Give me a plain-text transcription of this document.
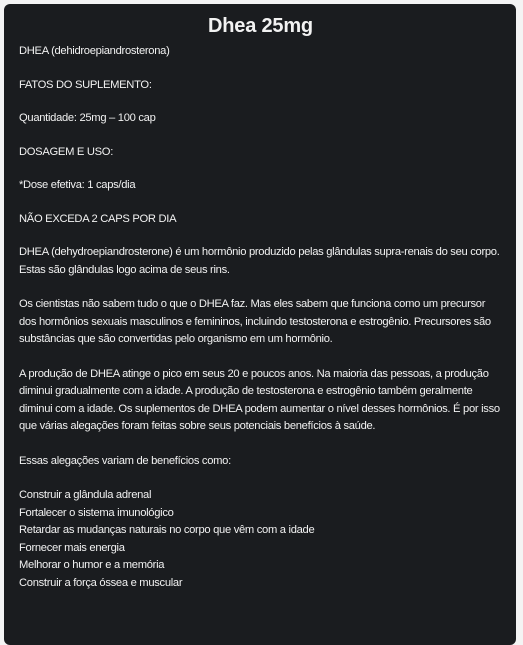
Dhea 25mg

DHEA (dehidroepiandrosterona)

FATOS DO SUPLEMENTO:

Quantidade: 25mg – 100 cap

DOSAGEM E USO:

*Dose efetiva: 1 caps/dia

NÃO EXCEDA 2 CAPS POR DIA

DHEA (dehydroepiandrosterone) é um hormônio produzido pelas glândulas supra-renais do seu corpo. Estas são glândulas logo acima de seus rins.

Os cientistas não sabem tudo o que o DHEA faz. Mas eles sabem que funciona como um precursor dos hormônios sexuais masculinos e femininos, incluindo testosterona e estrogênio. Precursores são substâncias que são convertidas pelo organismo em um hormônio.

A produção de DHEA atinge o pico em seus 20 e poucos anos. Na maioria das pessoas, a produção diminui gradualmente com a idade. A produção de testosterona e estrogênio também geralmente diminui com a idade. Os suplementos de DHEA podem aumentar o nível desses hormônios. É por isso que várias alegações foram feitas sobre seus potenciais benefícios à saúde.

Essas alegações variam de benefícios como:

Construir a glândula adrenal
Fortalecer o sistema imunológico
Retardar as mudanças naturais no corpo que vêm com a idade
Fornecer mais energia
Melhorar o humor e a memória
Construir a força óssea e muscular
